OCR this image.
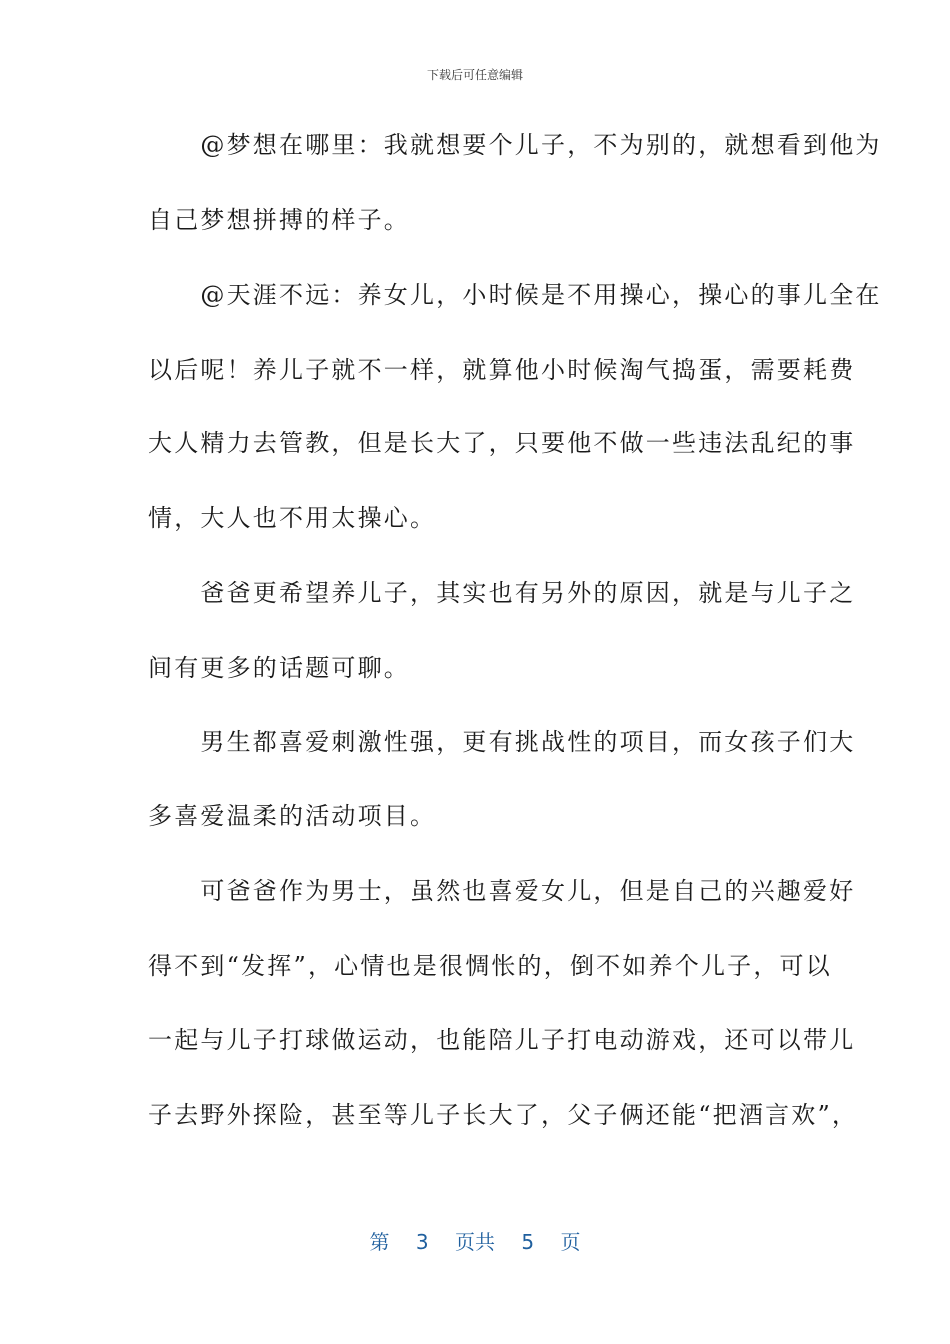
下载后可任意编辑
　　@梦想在哪里：我就想要个儿子，不为别的，就想看到他为
自己梦想拼搏的样子。
　　@天涯不远：养女儿，小时候是不用操心，操心的事儿全在
以后呢！养儿子就不一样，就算他小时候淘气捣蛋，需要耗费
大人精力去管教，但是长大了，只要他不做一些违法乱纪的事
情，大人也不用太操心。
　　爸爸更希望养儿子，其实也有另外的原因，就是与儿子之
间有更多的话题可聊。
　　男生都喜爱刺激性强，更有挑战性的项目，而女孩子们大
多喜爱温柔的活动项目。
　　可爸爸作为男士，虽然也喜爱女儿，但是自己的兴趣爱好
得不到“发挥”，心情也是很惆怅的，倒不如养个儿子，可以
一起与儿子打球做运动，也能陪儿子打电动游戏，还可以带儿
子去野外探险，甚至等儿子长大了，父子俩还能“把酒言欢”，
第 3 页共 5 页
